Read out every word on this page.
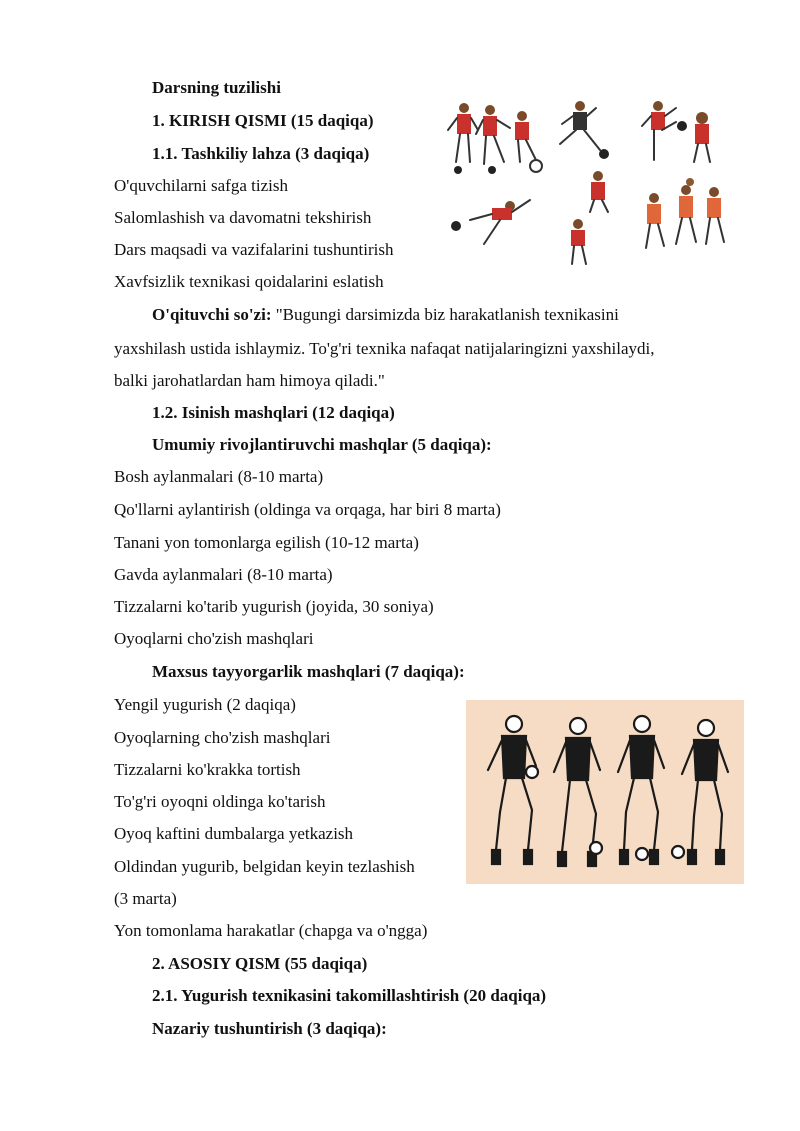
Darsning tuzilishi
1. KIRISH QISMI (15 daqiqa)
1.1. Tashkiliy lahza (3 daqiqa)
O'quvchilarni safga tizish
Salomlashish va davomatni tekshirish
Dars maqsadi va vazifalarini tushuntirish
Xavfsizlik texnikasi qoidalarini eslatish
O'qituvchi so'zi: "Bugungi darsimizda biz harakatlanish texnikasini
yaxshilash ustida ishlaymiz. To'g'ri texnika nafaqat natijalaringizni yaxshilaydi,
balki jarohatlardan ham himoya qiladi."
1.2. Isinish mashqlari (12 daqiqa)
Umumiy rivojlantiruvchi mashqlar (5 daqiqa):
Bosh aylanmalari (8-10 marta)
Qo'llarni aylantirish (oldinga va orqaga, har biri 8 marta)
Tanani yon tomonlarga egilish (10-12 marta)
Gavda aylanmalari (8-10 marta)
Tizzalarni ko'tarib yugurish (joyida, 30 soniya)
Oyoqlarni cho'zish mashqlari
Maxsus tayyorgarlik mashqlari (7 daqiqa):
Yengil yugurish (2 daqiqa)
Oyoqlarning cho'zish mashqlari
Tizzalarni ko'krakka tortish
To'g'ri oyoqni oldinga ko'tarish
Oyoq kaftini dumbalarga yetkazish
Oldindan yugurib, belgidan keyin tezlashish
(3 marta)
Yon tomonlama harakatlar (chapga va o'ngga)
2. ASOSIY QISM (55 daqiqa)
2.1. Yugurish texnikasini takomillashtirish (20 daqiqa)
Nazariy tushuntirish (3 daqiqa):
